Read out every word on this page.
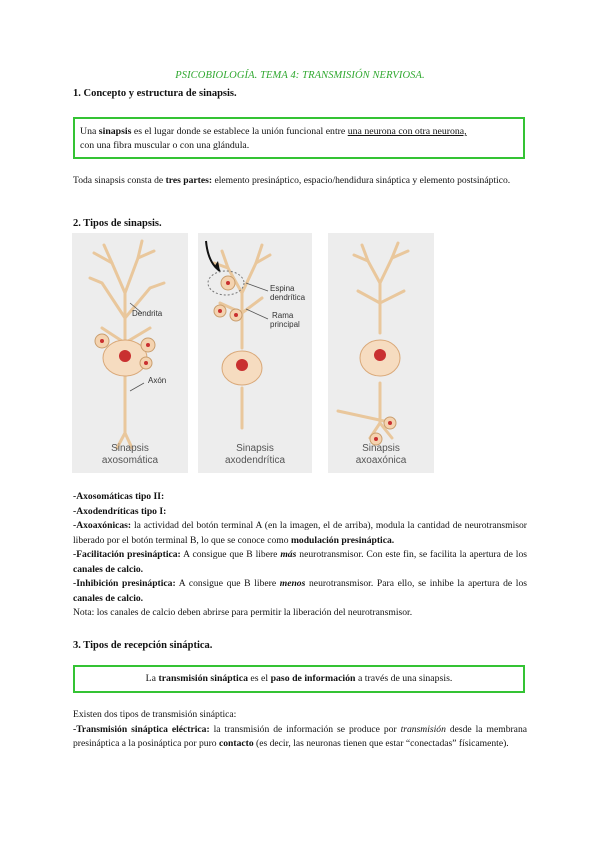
PSICOBIOLOGÍA. TEMA 4: TRANSMISIÓN NERVIOSA.
1. Concepto y estructura de sinapsis.
Una sinapsis es el lugar donde se establece la unión funcional entre una neurona con otra neurona,
con una fibra muscular o con una glándula.
Toda sinapsis consta de tres partes: elemento presináptico, espacio/hendidura sináptica y elemento postsináptico.
2. Tipos de sinapsis.
Dendrita
Axón
Sinapsis
axosomática
Espina
dendrítica
Rama
principal
Sinapsis
axodendrítica
Sinapsis
axoaxónica
-Axosomáticas tipo II:
-Axodendríticas tipo I:
-Axoaxónicas: la actividad del botón terminal A (en la imagen, el de arriba), modula la cantidad de neurotransmisor liberado por el botón terminal B, lo que se conoce como modulación presináptica.
-Facilitación presináptica: A consigue que B libere más neurotransmisor. Con este fin, se facilita la apertura de los canales de calcio.
-Inhibición presináptica: A consigue que B libere menos neurotransmisor. Para ello, se inhibe la apertura de los canales de calcio.
Nota: los canales de calcio deben abrirse para permitir la liberación del neurotransmisor.
3. Tipos de recepción sináptica.
La transmisión sináptica es el paso de información a través de una sinapsis.
Existen dos tipos de transmisión sináptica:
-Transmisión sináptica eléctrica: la transmisión de información se produce por transmisión desde la membrana presináptica a la posináptica por puro contacto (es decir, las neuronas tienen que estar “conectadas” físicamente).
